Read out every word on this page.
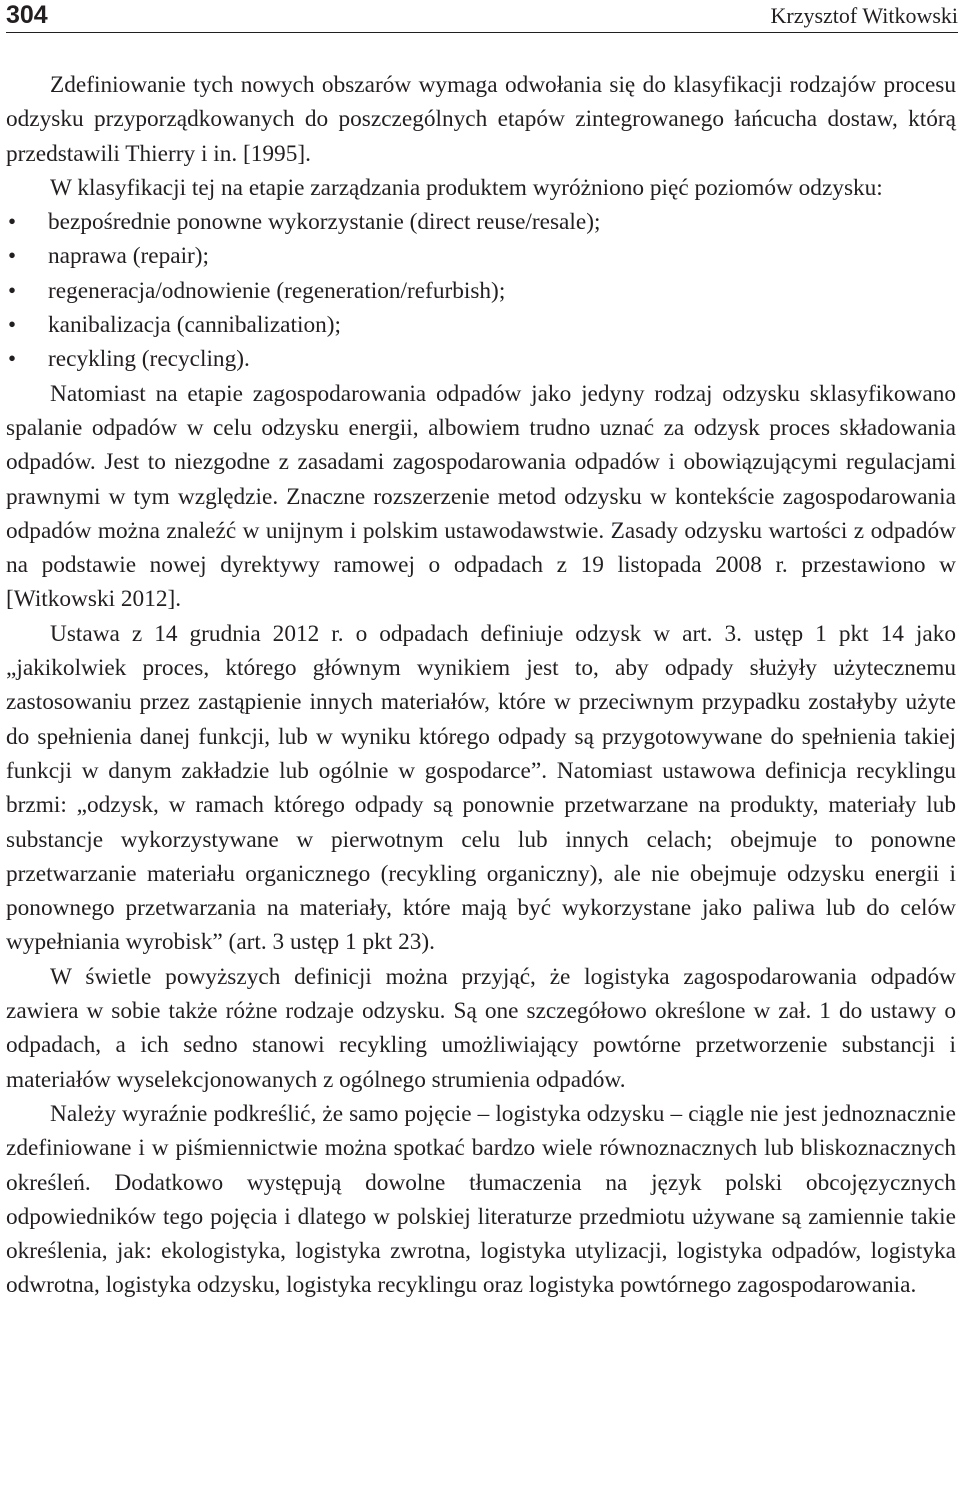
304	Krzysztof Witkowski

Zdefiniowanie tych nowych obszarów wymaga odwołania się do klasyfikacji rodzajów procesu odzysku przyporządkowanych do poszczególnych etapów zintegrowanego łańcucha dostaw, którą przedstawili Thierry i in. [1995].

W klasyfikacji tej na etapie zarządzania produktem wyróżniono pięć poziomów odzysku:

• bezpośrednie ponowne wykorzystanie (direct reuse/resale);
• naprawa (repair);
• regeneracja/odnowienie (regeneration/refurbish);
• kanibalizacja (cannibalization);
• recykling (recycling).

Natomiast na etapie zagospodarowania odpadów jako jedyny rodzaj odzysku sklasyfikowano spalanie odpadów w celu odzysku energii, albowiem trudno uznać za odzysk proces składowania odpadów. Jest to niezgodne z zasadami zagospodarowania odpadów i obowiązującymi regulacjami prawnymi w tym względzie. Znaczne rozszerzenie metod odzysku w kontekście zagospodarowania odpadów można znaleźć w unijnym i polskim ustawodawstwie. Zasady odzysku wartości z odpadów na podstawie nowej dyrektywy ramowej o odpadach z 19 listopada 2008 r. przestawiono w [Witkowski 2012].

Ustawa z 14 grudnia 2012 r. o odpadach definiuje odzysk w art. 3. ustęp 1 pkt 14 jako „jakikolwiek proces, którego głównym wynikiem jest to, aby odpady służyły użytecznemu zastosowaniu przez zastąpienie innych materiałów, które w przeciwnym przypadku zostałyby użyte do spełnienia danej funkcji, lub w wyniku którego odpady są przygotowywane do spełnienia takiej funkcji w danym zakładzie lub ogólnie w gospodarce”. Natomiast ustawowa definicja recyklingu brzmi: „odzysk, w ramach którego odpady są ponownie przetwarzane na produkty, materiały lub substancje wykorzystywane w pierwotnym celu lub innych celach; obejmuje to ponowne przetwarzanie materiału organicznego (recykling organiczny), ale nie obejmuje odzysku energii i ponownego przetwarzania na materiały, które mają być wykorzystane jako paliwa lub do celów wypełniania wyrobisk” (art. 3 ustęp 1 pkt 23).

W świetle powyższych definicji można przyjąć, że logistyka zagospodarowania odpadów zawiera w sobie także różne rodzaje odzysku. Są one szczegółowo określone w zał. 1 do ustawy o odpadach, a ich sedno stanowi recykling umożliwiający powtórne przetworzenie substancji i materiałów wyselekcjonowanych z ogólnego strumienia odpadów.

Należy wyraźnie podkreślić, że samo pojęcie – logistyka odzysku – ciągle nie jest jednoznacznie zdefiniowane i w piśmiennictwie można spotkać bardzo wiele równoznacznych lub bliskoznacznych określeń. Dodatkowo występują dowolne tłumaczenia na język polski obcojęzycznych odpowiedników tego pojęcia i dlatego w polskiej literaturze przedmiotu używane są zamiennie takie określenia, jak: ekologistyka, logistyka zwrotna, logistyka utylizacji, logistyka odpadów, logistyka odwrotna, logistyka odzysku, logistyka recyklingu oraz logistyka powtórnego zagospodarowania.
